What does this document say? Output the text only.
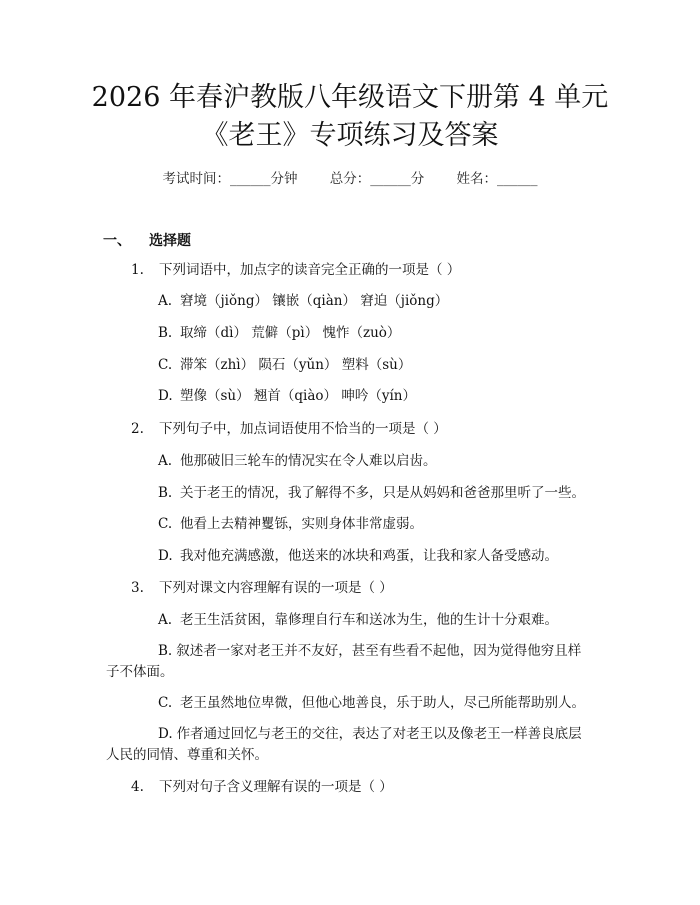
2026 年春沪教版八年级语文下册第 4 单元
《老王》专项练习及答案
考试时间：______分钟 总分：______分 姓名：______
一、 选择题
1. 下列词语中，加点字的读音完全正确的一项是（ ）
A. 窘境（jiǒng） 镶嵌（qiàn） 窘迫（jiǒng）
B. 取缔（dì） 荒僻（pì） 愧怍（zuò）
C. 滞笨（zhì） 陨石（yǔn） 塑料（sù）
D. 塑像（sù） 翘首（qiào） 呻吟（yín）
2. 下列句子中，加点词语使用不恰当的一项是（ ）
A. 他那破旧三轮车的情况实在令人难以启齿。
B. 关于老王的情况，我了解得不多，只是从妈妈和爸爸那里听了一些。
C. 他看上去精神矍铄，实则身体非常虚弱。
D. 我对他充满感激，他送来的冰块和鸡蛋，让我和家人备受感动。
3. 下列对课文内容理解有误的一项是（ ）
A. 老王生活贫困，靠修理自行车和送冰为生，他的生计十分艰难。
B. 叙述者一家对老王并不友好，甚至有些看不起他，因为觉得他穷且样子不体面。
C. 老王虽然地位卑微，但他心地善良，乐于助人，尽己所能帮助别人。
D. 作者通过回忆与老王的交往，表达了对老王以及像老王一样善良底层人民的同情、尊重和关怀。
4. 下列对句子含义理解有误的一项是（ ）
